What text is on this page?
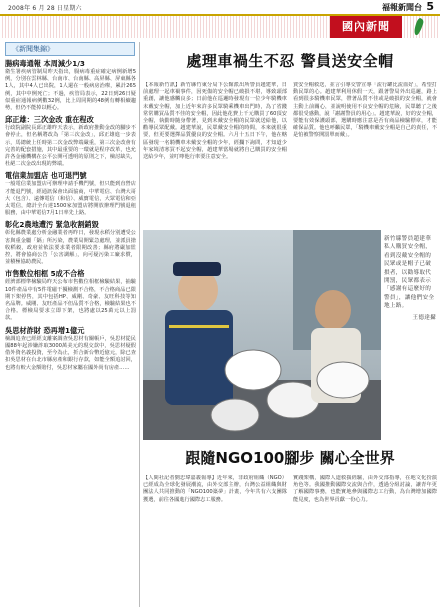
2008年 6 月 28 日星期六	福報新聞台 5
國內新聞
《新聞集錦》
腸病毒通報 本周減少1/3
衛生署疾病管制局昨天指出，腸病毒重症確定病例新增5例，分別在雲林縣、台南市、台南縣、高屏縣、屏東縣各1人，其中4人已出院，1人還在一般病房治療，累計265例，其中中例死亡；不過，疾管局表示，22日到26日疑似重症通報病例數32例，比上周同期的48例有轉相續趨勢，但仍不能掉以輕心。
邱正雄：三次金改 重在程改
行政院副院長邱正雄昨天表示，新政府推動金改的腳步不會停止，但名稱將改為「第三次金改」，邱正雄進一步表示，馬總統上任時第二次金改弊端嚴重，第三次金改會有完善的配套措施，其中最重要的一環就是程序改革，也允許各金融機構在公平公開可透明的原則之下，檢討缺失，杜絕二次金改出現的弊端。
電信業加盟店 也可退門號
一般電信業加盟店可辦理申請手機門號，但只能到直營店才能退門號，經通訊保會出面協商，中華電信、台灣大哥大（包含）、遠傳電信（和信）、威寶電信，大眾電信和亞太電信，總計全台達1500家加盟店將開放辦理門號退租服務，由中華電信7月1日率先上路。
彰化2農地遭汚 緊急收割銷毀
彰化縣農業處分析金融業者再昨日，發現水稻分別遭受公害與重金屬「鎘」所污染，農業局開緊急處理，並派員搶收稻穀，政府並依法要求業者限期改善；縣府將嚴加監控，將會協商公告「公害調解」，向可疑污染工廠求償，並積極協助農民。
市售數位相框 5成不合格
經濟部標準檢驗局昨天公布市售數位相框檢驗結果，抽驗10件產品中有5件電磁干擾檢測不合格，不合格商品已限期下架停售，其中包括HP、威剛、奇豪、友旺科技等知名品牌。威剛、友旺產品不但品質不合格，檢驗結果也不合格。標檢局要求立即下架，也將處以25萬元以上罰款。
吳思材詐財 恐再增1億元
檢調追查已經經支離案調查吳思材有關帳戶，吳思材從民國88年起涉嫌詐取3000萬美元的現交款中，吳思材疑假借外資名義投資，至今為止，折合新台幣近億元，除已查扣吳思材在台北市縣房產和銀行存款，如能全額追討回，也將有較大金額賠付，吳思材家屬在國外尚有房產……
處理車禍生不忍 警員送安全帽
【本報新竹訊】新竹縣竹東分局下公館派出所警員趙建華，日前處理一起車禍事件，因死傷的安全帽已破損不堪，導致頭部重創，讓他感觸良多；日前他在巡邏時發現有一位少年騎機車未戴安全帽，加上近年來許多民眾騎乘機車出門時，為了省錢常常購買品質不佳的安全帽，因此他花費上千元購買了60頂安全帽，執勤時隨身帶著，見到未戴安全帽的民眾就送給他，以勸導民眾配戴。趙建華說，民眾戴安全帽的時間，本來就很重要，但更要選擇品質優良的安全帽。六月十五日下午，他在轄區發現一名騎機車未戴安全帽的少年，經攔下詢問，才知道少年家境清寒買不起安全帽，趙建華當場就將自己購買的安全帽送給少年，並叮嚀他行車要注意安全。
賈安全帽救送，並言引導交警宣導「流行罐比流血好」，希望打動民眾的心。趙建華利用休假一天，跟著警局外出巡邏，路上看到很多騎機車民眾，帶著品質不佳或是破損的安全帽，就會主動上前關心，並說明使用不良安全帽的危險，民眾聽了之後都很受感動，說「謝謝警員的用心」。趙建華說，好的安全帽，要能有效保護頭部，選購時應注意是否有商品檢驗標章，才能確保品質。他也呼籲民眾，「騎機車戴安全帽是自己的責任，不是怕被警察開罰單而戴」。
新竹縣警員趙建華私人購買安全帽，看到沒戴安全帽的民眾或是帽子已破損者，以勸導取代開罰，民眾都表示「感謝有這麼好的警員」，讓他們安全地上路。
王德達攝
跟隨NGO100腳步 關心全世界
【人間社記者劉忠瑋嘉義報導】近年來，非政府組織（NGO）已經成為全球化發展潮流，由外交部主辦，台灣公益組織與財團法人共同推動的「NGO100築夢」計畫，今年共有六支團隊獲選，前往各國進行國際志工服務。
實踐架構，國際人道救援經驗，由外交部指導，在地文化扮演角色等。我國推動國際交流與合作，透過分組討論，讓青年更了解國際事務，也能實地參與國際志工行動，為台灣增加國際能見度，也為世界貢獻一份心力。
